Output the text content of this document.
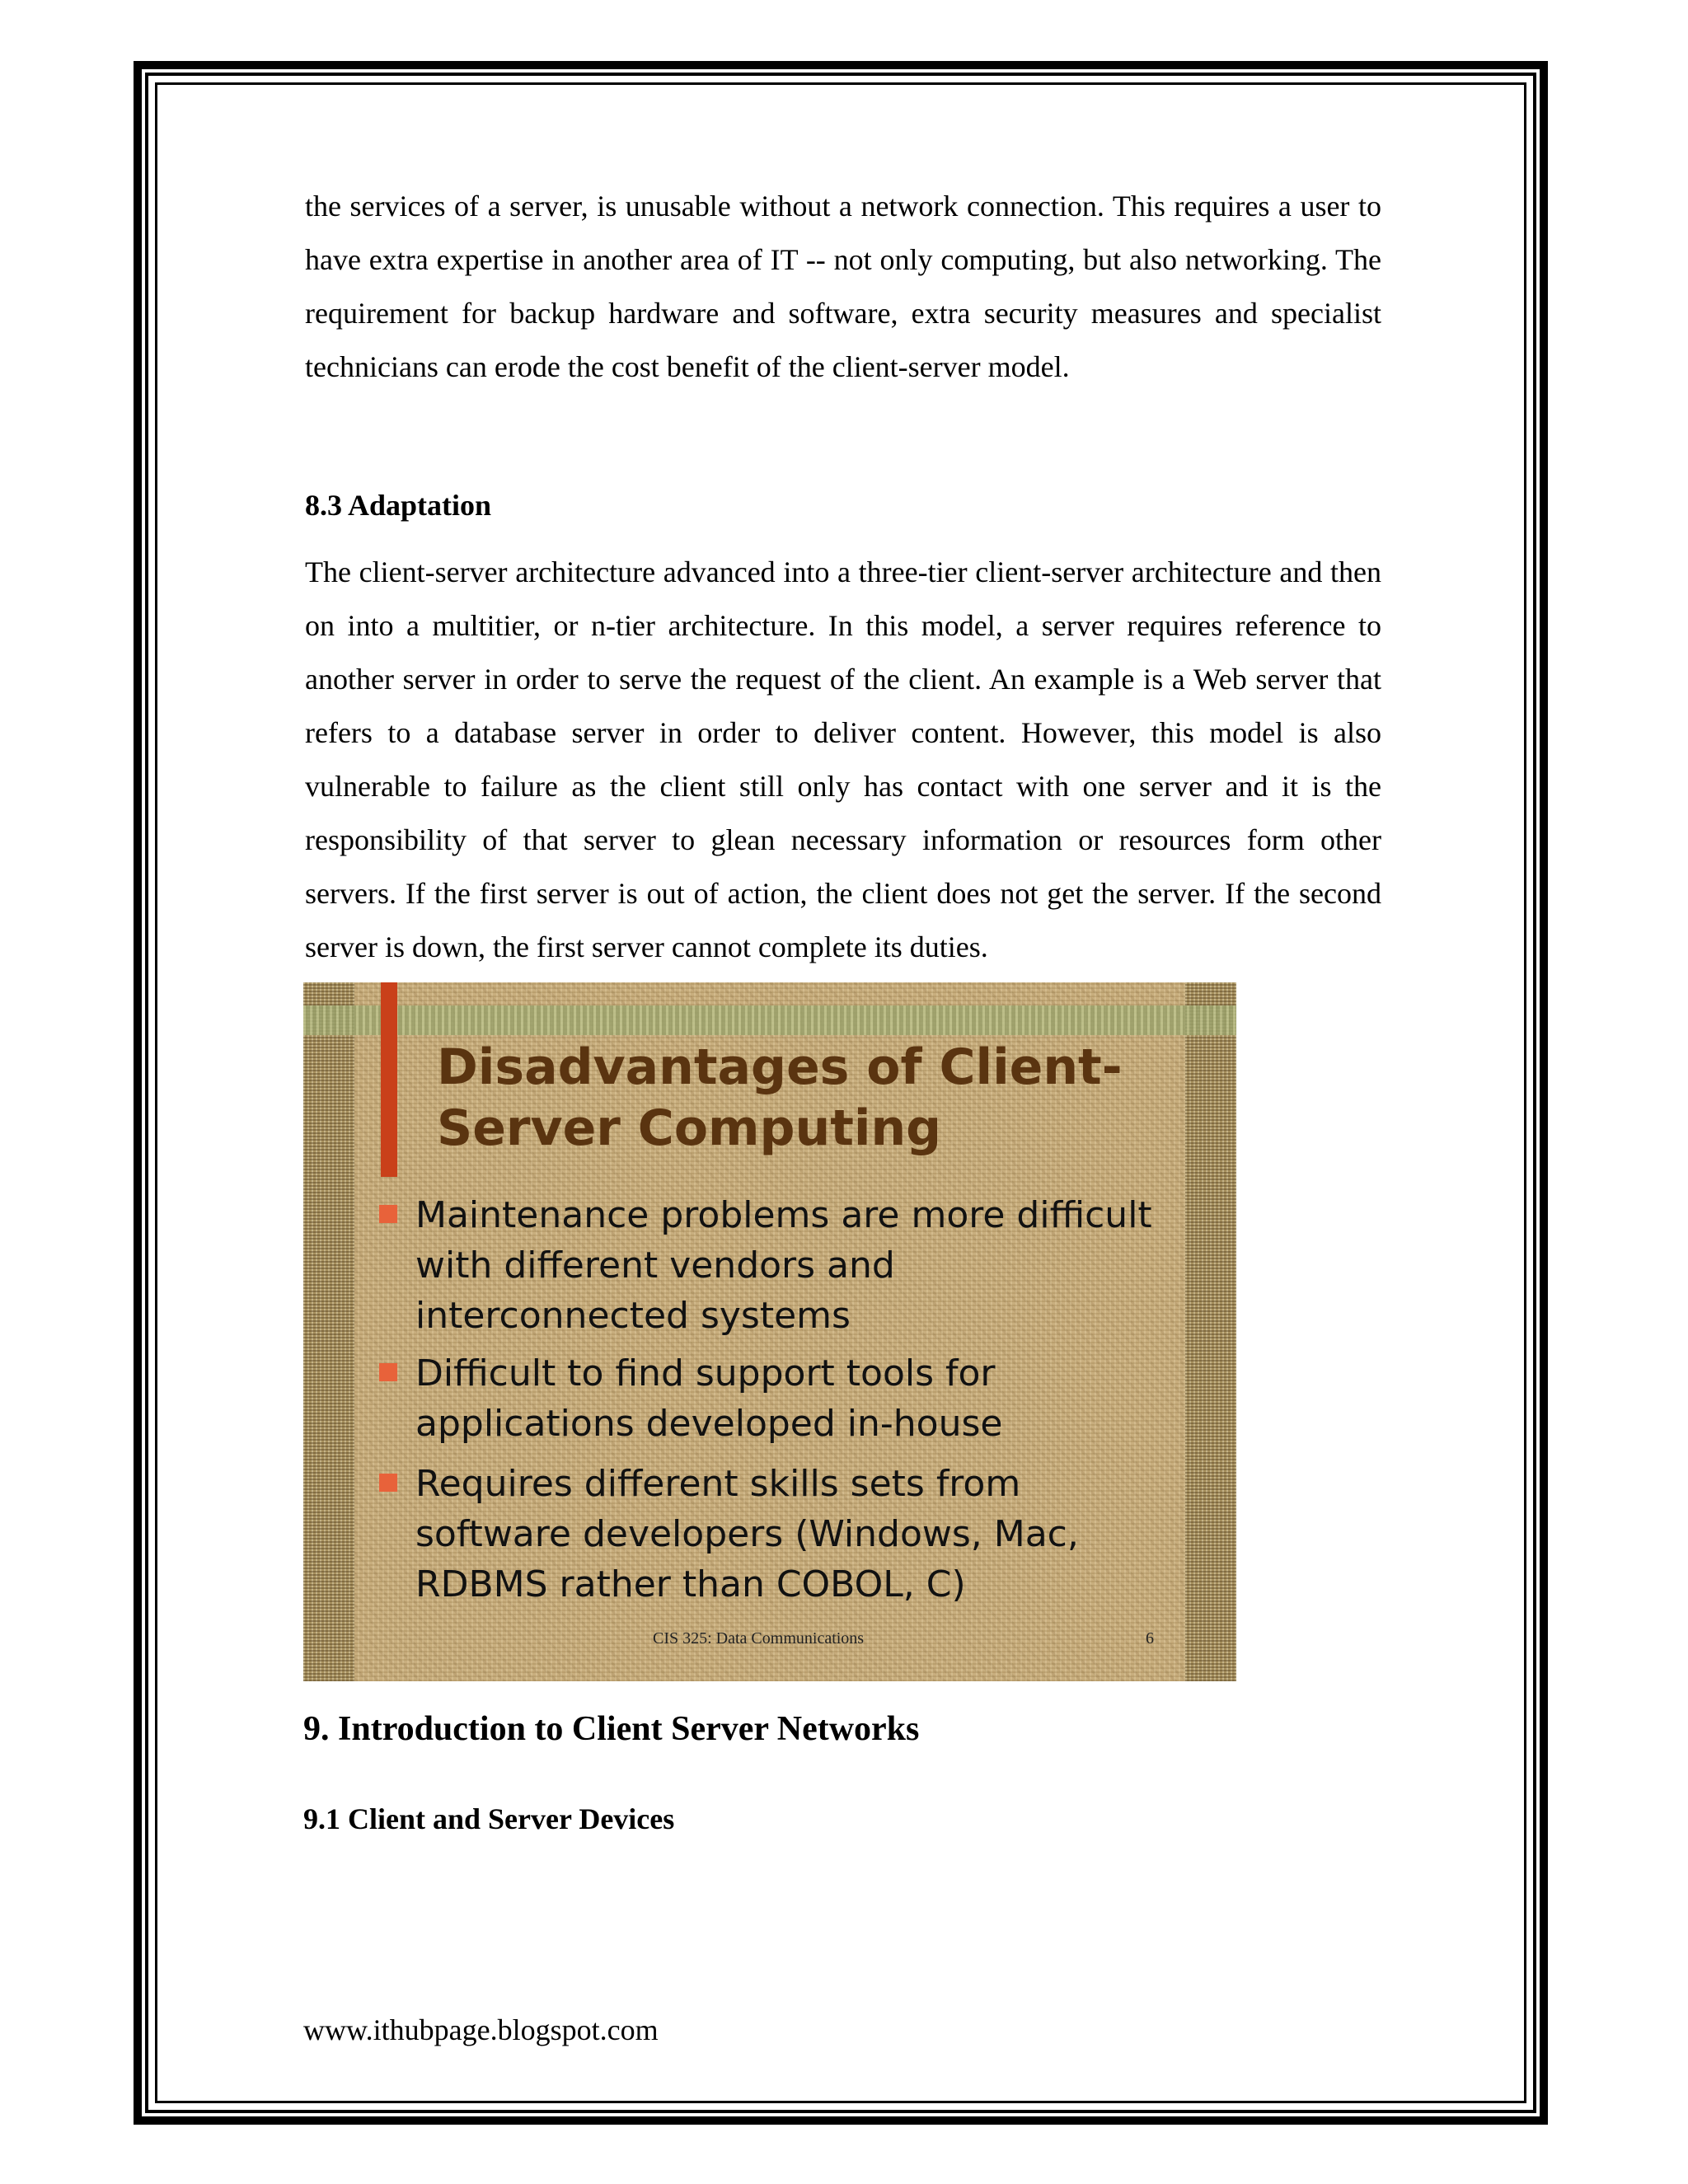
the services of a server, is unusable without a network connection. This requires a user to have extra expertise in another area of IT -- not only computing, but also networking. The requirement for backup hardware and software, extra security measures and specialist technicians can erode the cost benefit of the client-server model.

8.3 Adaptation

The client-server architecture advanced into a three-tier client-server architecture and then on into a multitier, or n-tier architecture. In this model, a server requires reference to another server in order to serve the request of the client. An example is a Web server that refers to a database server in order to deliver content. However, this model is also vulnerable to failure as the client still only has contact with one server and it is the responsibility of that server to glean necessary information or resources form other servers. If the first server is out of action, the client does not get the server. If the second server is down, the first server cannot complete its duties.

Disadvantages of Client-
Server Computing
Maintenance problems are more difficult
with different vendors and
interconnected systems
Difficult to find support tools for
applications developed in-house
Requires different skills sets from
software developers (Windows, Mac,
RDBMS rather than COBOL, C)
CIS 325: Data Communications	6
9. Introduction to Client Server Networks
9.1 Client and Server Devices

www.ithubpage.blogspot.com
